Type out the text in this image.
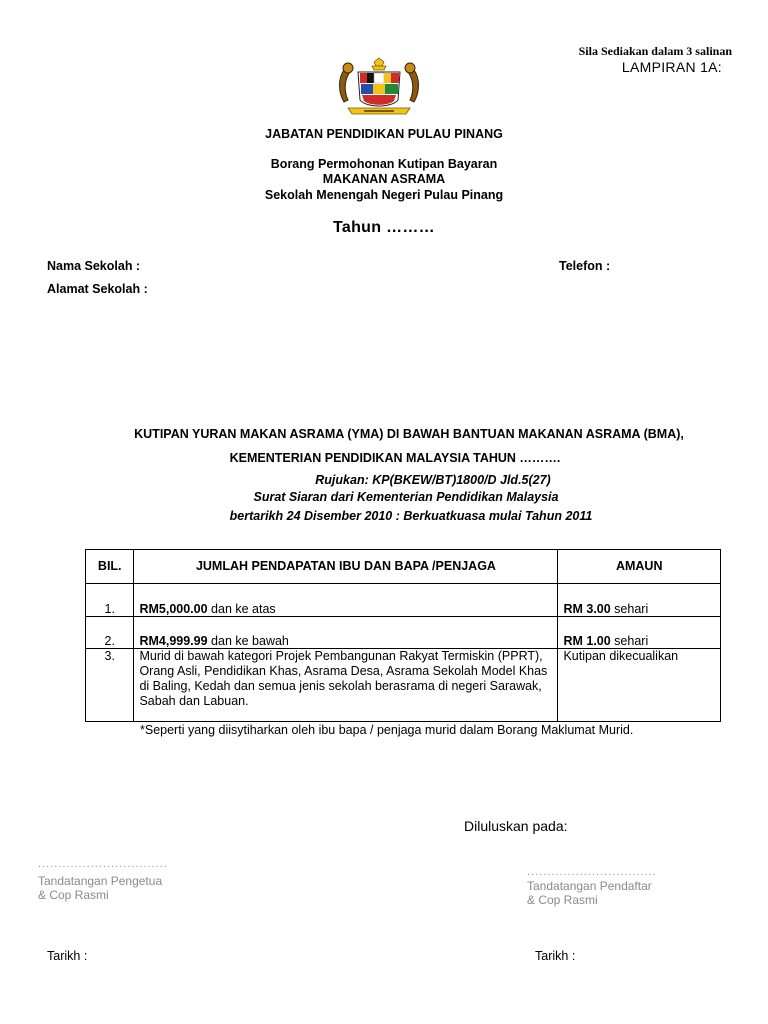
Sila Sediakan dalam 3 salinan
LAMPIRAN 1A:
JABATAN PENDIDIKAN PULAU PINANG
Borang Permohonan Kutipan Bayaran
MAKANAN ASRAMA
Sekolah Menengah Negeri Pulau Pinang
Tahun ………
Nama Sekolah :	Telefon :
Alamat Sekolah :
KUTIPAN YURAN MAKAN ASRAMA (YMA) DI BAWAH BANTUAN MAKANAN ASRAMA (BMA),
KEMENTERIAN PENDIDIKAN MALAYSIA TAHUN ……….
Rujukan: KP(BKEW/BT)1800/D Jld.5(27)
Surat Siaran dari Kementerian Pendidikan Malaysia
bertarikh 24 Disember 2010 : Berkuatkuasa mulai Tahun 2011
BIL.	JUMLAH PENDAPATAN IBU DAN BAPA /PENJAGA	AMAUN
1.	RM5,000.00 dan ke atas	RM 3.00 sehari
2.	RM4,999.99 dan ke bawah	RM 1.00 sehari
3.	Murid di bawah kategori Projek Pembangunan Rakyat Termiskin (PPRT), Orang Asli, Pendidikan Khas, Asrama Desa, Asrama Sekolah Model Khas di Baling, Kedah dan semua jenis sekolah berasrama di negeri Sarawak, Sabah dan Labuan.	Kutipan dikecualikan
*Seperti yang diisytiharkan oleh ibu bapa / penjaga murid dalam Borang Maklumat Murid.
Diluluskan pada:
................................
Tandatangan Pengetua
& Cop Rasmi
................................
Tandatangan Pendaftar
& Cop Rasmi
Tarikh :	Tarikh :
